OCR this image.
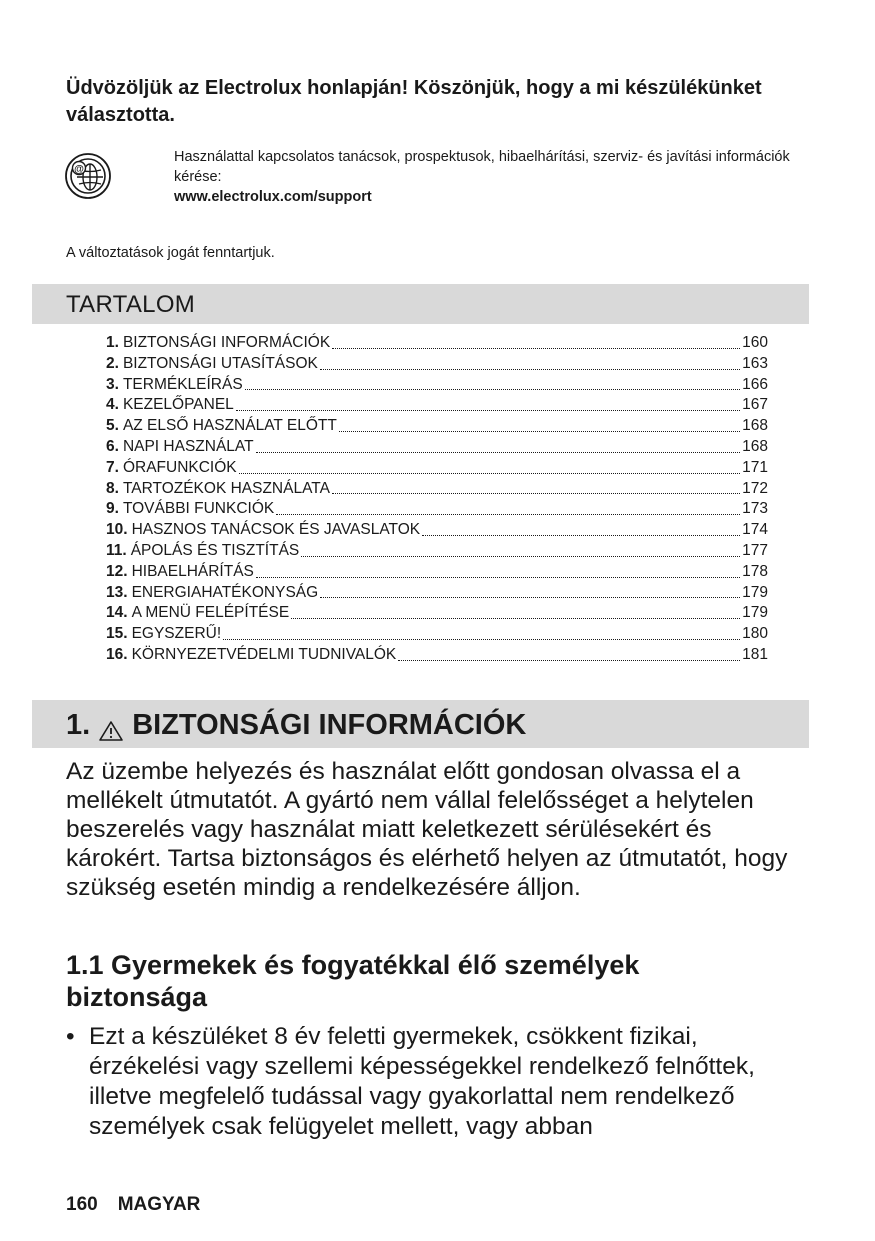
Üdvözöljük az Electrolux honlapján! Köszönjük, hogy a mi készülékünket választotta.
@
Használattal kapcsolatos tanácsok, prospektusok, hibaelhárítási, szerviz- és javítási információk kérése:
www.electrolux.com/support
A változtatások jogát fenntartjuk.
TARTALOM
1. BIZTONSÁGI INFORMÁCIÓK	160
2. BIZTONSÁGI UTASÍTÁSOK	163
3. TERMÉKLEÍRÁS	166
4. KEZELŐPANEL	167
5. AZ ELSŐ HASZNÁLAT ELŐTT	168
6. NAPI HASZNÁLAT	168
7. ÓRAFUNKCIÓK	171
8. TARTOZÉKOK HASZNÁLATA	172
9. TOVÁBBI FUNKCIÓK	173
10. HASZNOS TANÁCSOK ÉS JAVASLATOK	174
11. ÁPOLÁS ÉS TISZTÍTÁS	177
12. HIBAELHÁRÍTÁS	178
13. ENERGIAHATÉKONYSÁG	179
14. A MENÜ FELÉPÍTÉSE	179
15. EGYSZERŰ!	180
16. KÖRNYEZETVÉDELMI TUDNIVALÓK	181
1. BIZTONSÁGI INFORMÁCIÓK
Az üzembe helyezés és használat előtt gondosan olvassa el a mellékelt útmutatót. A gyártó nem vállal felelősséget a helytelen beszerelés vagy használat miatt keletkezett sérülésekért és károkért. Tartsa biztonságos és elérhető helyen az útmutatót, hogy szükség esetén mindig a rendelkezésére álljon.
1.1 Gyermekek és fogyatékkal élő személyek biztonsága
• Ezt a készüléket 8 év feletti gyermekek, csökkent fizikai, érzékelési vagy szellemi képességekkel rendelkező felnőttek, illetve megfelelő tudással vagy gyakorlattal nem rendelkező személyek csak felügyelet mellett, vagy abban
160 MAGYAR
